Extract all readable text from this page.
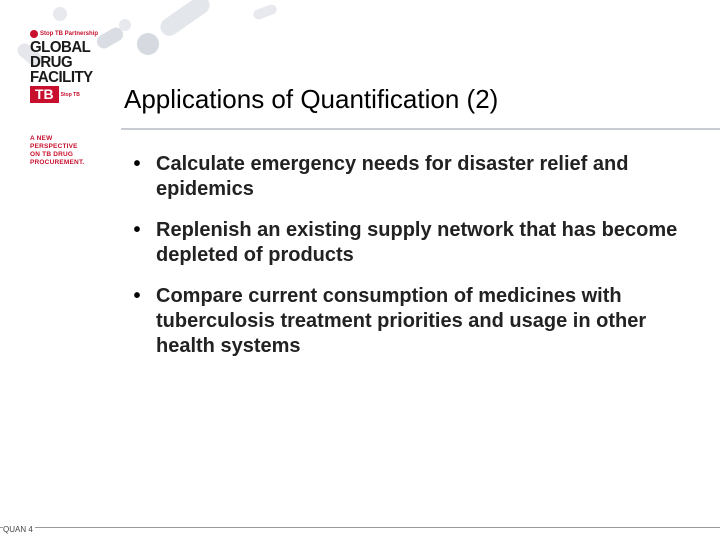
Stop TB Partnership
GLOBAL
DRUG
FACILITY
TB	Stop TB
A NEW
PERSPECTIVE
ON TB DRUG
PROCUREMENT.
Applications of Quantification (2)
• Calculate emergency needs for disaster relief and epidemics
• Replenish an existing supply network that has become depleted of products
• Compare current consumption of medicines with tuberculosis treatment priorities and usage in other health systems
QUAN 4
